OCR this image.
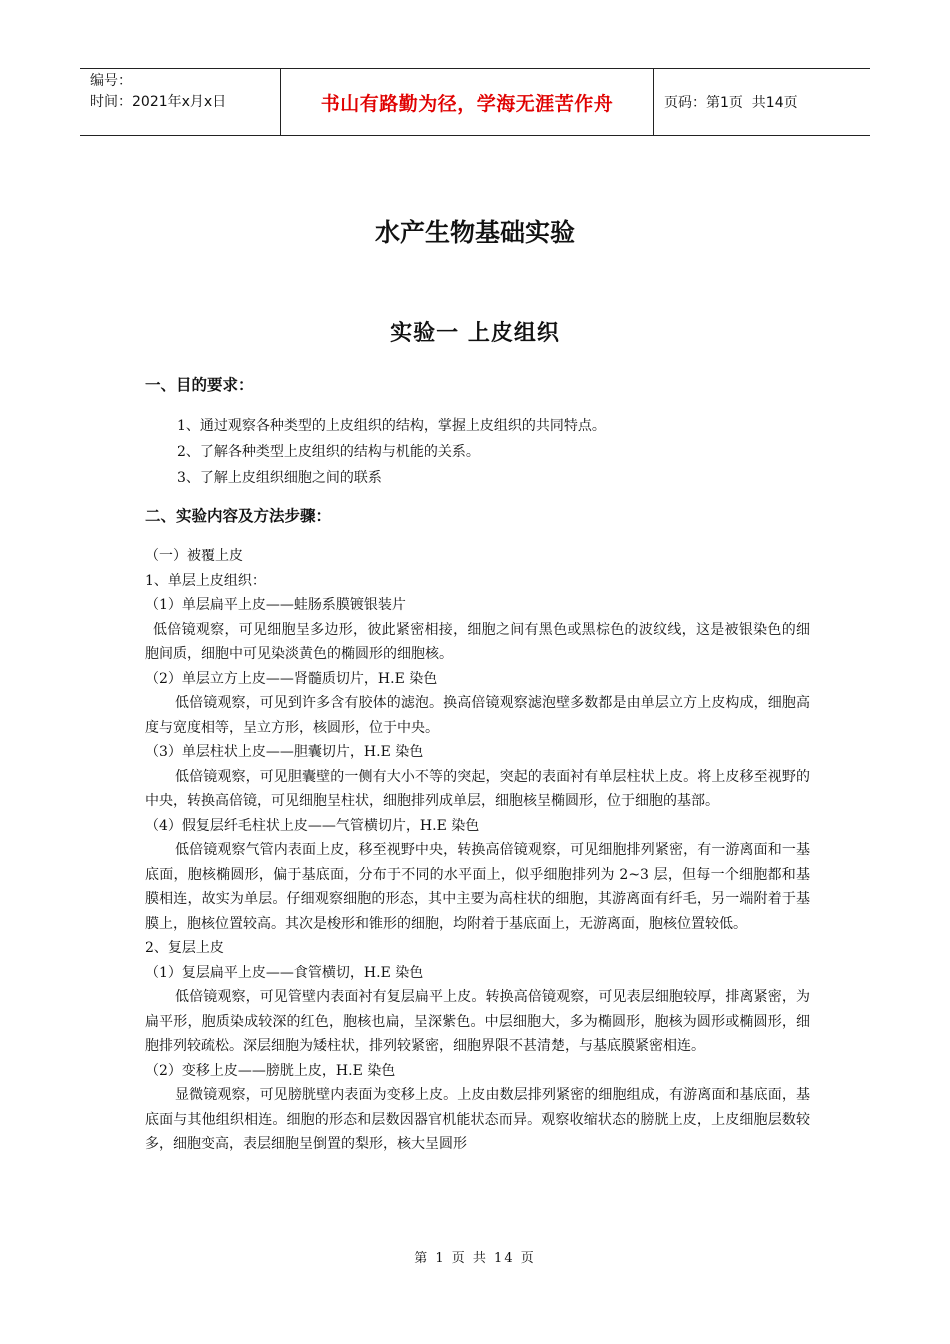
编号：
时间：2021年x月x日	书山有路勤为径，学海无涯苦作舟	页码：第1页  共14页
水产生物基础实验
实验一 上皮组织
一、目的要求：
1、通过观察各种类型的上皮组织的结构，掌握上皮组织的共同特点。
2、了解各种类型上皮组织的结构与机能的关系。
3、了解上皮组织细胞之间的联系
二、实验内容及方法步骤：
（一）被覆上皮
1、单层上皮组织：
（1）单层扁平上皮——蛙肠系膜镀银装片
低倍镜观察，可见细胞呈多边形，彼此紧密相接，细胞之间有黑色或黑棕色的波纹线，这是被银染色的细胞间质，细胞中可见染淡黄色的椭圆形的细胞核。
（2）单层立方上皮——肾髓质切片，H.E 染色
低倍镜观察，可见到许多含有胶体的滤泡。换高倍镜观察滤泡壁多数都是由单层立方上皮构成，细胞高度与宽度相等，呈立方形，核圆形，位于中央。
（3）单层柱状上皮——胆囊切片，H.E 染色
低倍镜观察，可见胆囊壁的一侧有大小不等的突起，突起的表面衬有单层柱状上皮。将上皮移至视野的中央，转换高倍镜，可见细胞呈柱状，细胞排列成单层，细胞核呈椭圆形，位于细胞的基部。
（4）假复层纤毛柱状上皮——气管横切片，H.E 染色
低倍镜观察气管内表面上皮，移至视野中央，转换高倍镜观察，可见细胞排列紧密，有一游离面和一基底面，胞核椭圆形，偏于基底面，分布于不同的水平面上，似乎细胞排列为 2~3 层，但每一个细胞都和基膜相连，故实为单层。仔细观察细胞的形态，其中主要为高柱状的细胞，其游离面有纤毛，另一端附着于基膜上，胞核位置较高。其次是梭形和锥形的细胞，均附着于基底面上，无游离面，胞核位置较低。
2、复层上皮
（1）复层扁平上皮——食管横切，H.E 染色
低倍镜观察，可见管壁内表面衬有复层扁平上皮。转换高倍镜观察，可见表层细胞较厚，排离紧密，为扁平形，胞质染成较深的红色，胞核也扁，呈深紫色。中层细胞大，多为椭圆形，胞核为圆形或椭圆形，细胞排列较疏松。深层细胞为矮柱状，排列较紧密，细胞界限不甚清楚，与基底膜紧密相连。
（2）变移上皮——膀胱上皮，H.E 染色
显微镜观察，可见膀胱壁内表面为变移上皮。上皮由数层排列紧密的细胞组成，有游离面和基底面，基底面与其他组织相连。细胞的形态和层数因器官机能状态而异。观察收缩状态的膀胱上皮，上皮细胞层数较多，细胞变高，表层细胞呈倒置的梨形，核大呈圆形
第 1 页 共 14 页
